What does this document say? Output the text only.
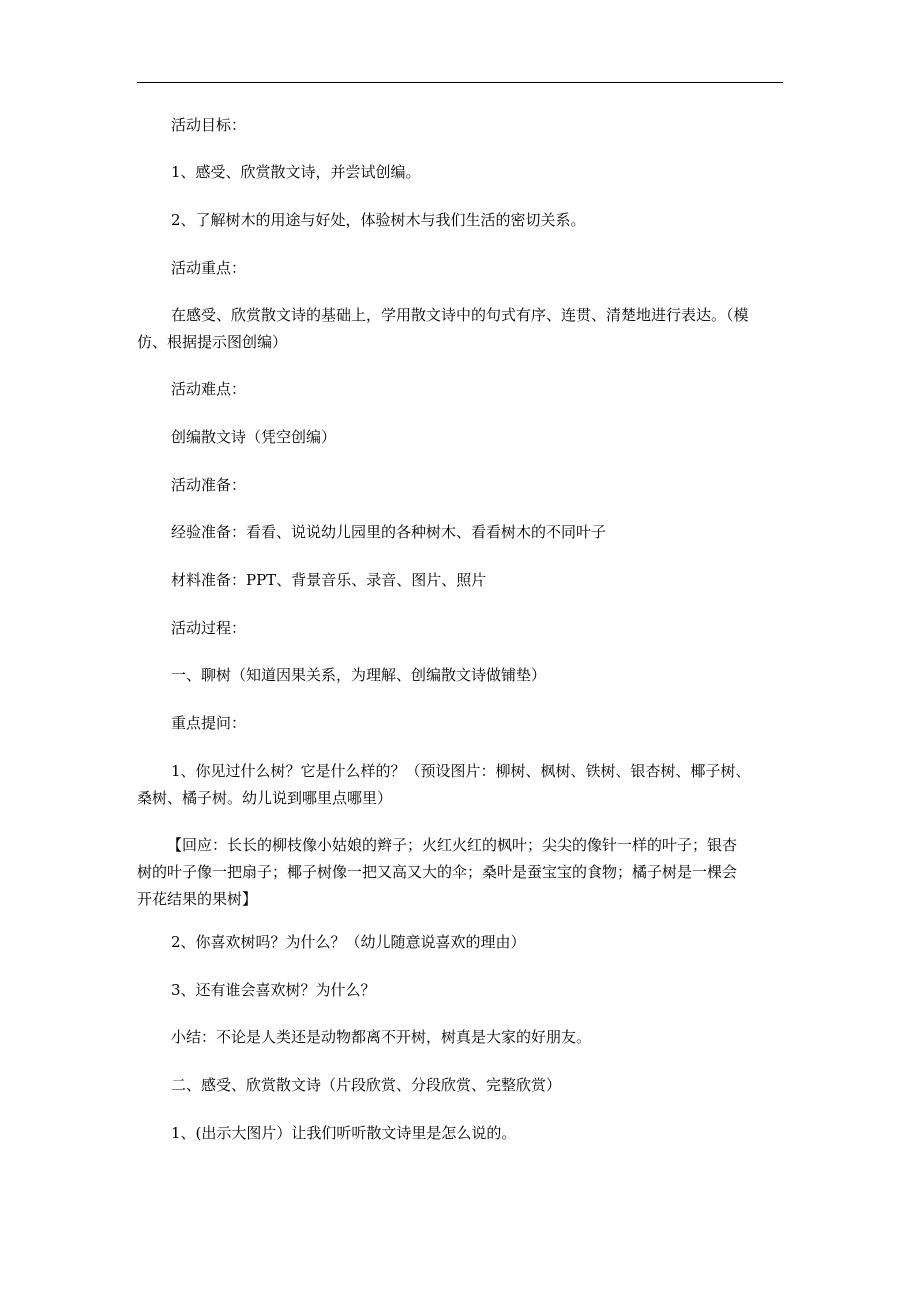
活动目标：
1、感受、欣赏散文诗，并尝试创编。
2、了解树木的用途与好处，体验树木与我们生活的密切关系。
活动重点：
在感受、欣赏散文诗的基础上，学用散文诗中的句式有序、连贯、清楚地进行表达。（模
仿、根据提示图创编）
活动难点：
创编散文诗（凭空创编）
活动准备：
经验准备：看看、说说幼儿园里的各种树木、看看树木的不同叶子
材料准备：PPT、背景音乐、录音、图片、照片
活动过程：
一、聊树（知道因果关系，为理解、创编散文诗做铺垫）
重点提问：
1、你见过什么树？它是什么样的？（预设图片：柳树、枫树、铁树、银杏树、椰子树、
桑树、橘子树。幼儿说到哪里点哪里）
【回应：长长的柳枝像小姑娘的辫子；火红火红的枫叶；尖尖的像针一样的叶子；银杏
树的叶子像一把扇子；椰子树像一把又高又大的伞；桑叶是蚕宝宝的食物；橘子树是一棵会
开花结果的果树】
2、你喜欢树吗？为什么？（幼儿随意说喜欢的理由）
3、还有谁会喜欢树？为什么？
小结：不论是人类还是动物都离不开树，树真是大家的好朋友。
二、感受、欣赏散文诗（片段欣赏、分段欣赏、完整欣赏）
1、(出示大图片）让我们听听散文诗里是怎么说的。
